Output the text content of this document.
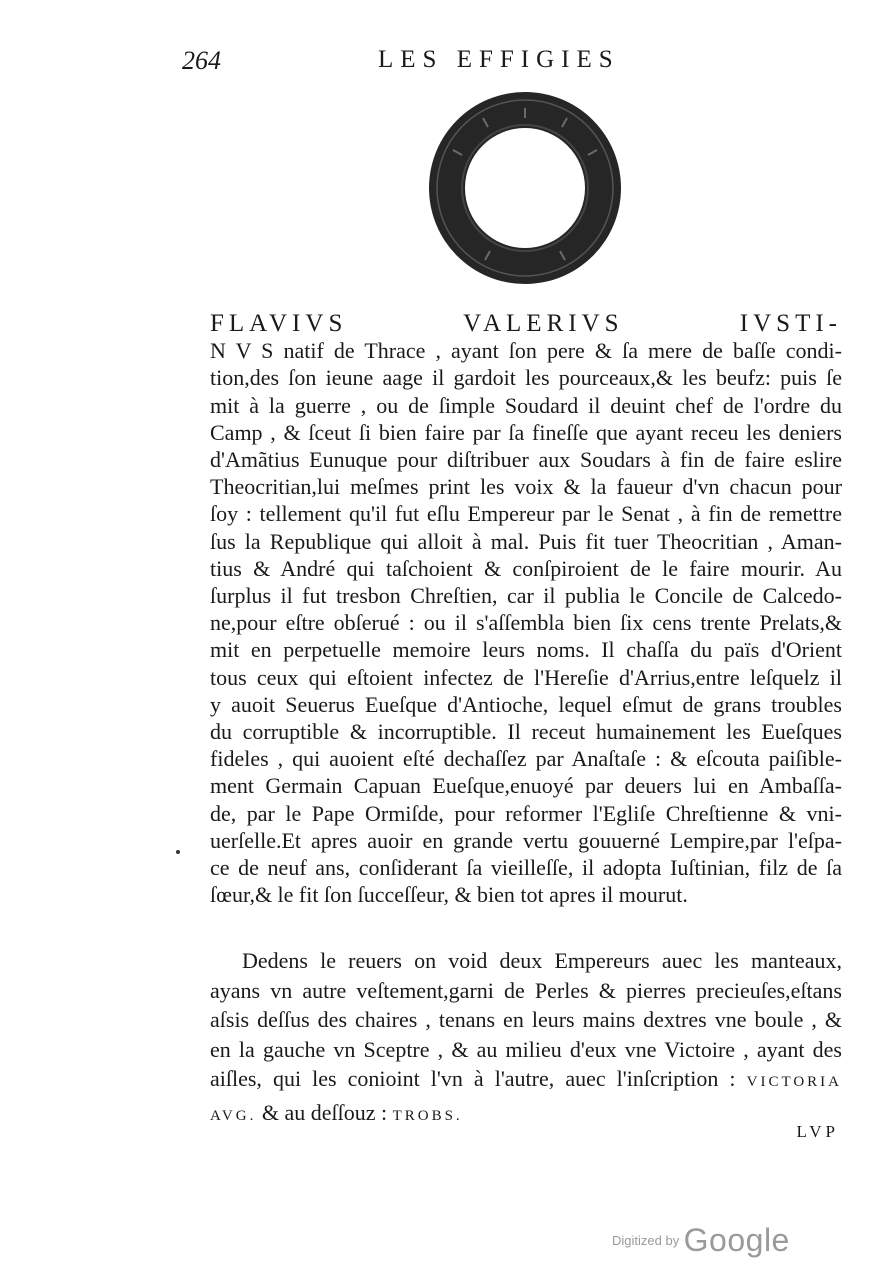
264	LES EFFIGIES
FLAVIVS VALERIVS IVSTI-
N V S natif de Thrace , ayant ſon pere & ſa mere de baſſe condi-
tion,des ſon ieune aage il gardoit les pourceaux,& les beufz: puis ſe
mit à la guerre , ou de ſimple Soudard il deuint chef de l'ordre du
Camp , & ſceut ſi bien faire par ſa fineſſe que ayant receu les deniers
d'Amãtius Eunuque pour diſtribuer aux Soudars à fin de faire eslire
Theocritian,lui meſmes print les voix & la faueur d'vn chacun pour
ſoy : tellement qu'il fut eſlu Empereur par le Senat , à fin de remettre
ſus la Republique qui alloit à mal. Puis fit tuer Theocritian , Aman-
tius & André qui taſchoient & conſpiroient de le faire mourir. Au
ſurplus il fut tresbon Chreſtien, car il publia le Concile de Calcedo-
ne,pour eſtre obſerué : ou il s'aſſembla bien ſix cens trente Prelats,&
mit en perpetuelle memoire leurs noms. Il chaſſa du païs d'Orient
tous ceux qui eſtoient infectez de l'Hereſie d'Arrius,entre leſquelz il
y auoit Seuerus Eueſque d'Antioche, lequel eſmut de grans troubles
du corruptible & incorruptible. Il receut humainement les Eueſques
fideles , qui auoient eſté dechaſſez par Anaſtaſe : & eſcouta paiſible-
ment Germain Capuan Eueſque,enuoyé par deuers lui en Ambaſſa-
de, par le Pape Ormiſde, pour reformer l'Egliſe Chreſtienne & vni-
uerſelle.Et apres auoir en grande vertu gouuerné Lempire,par l'eſpa-
ce de neuf ans, conſiderant ſa vieilleſſe, il adopta Iuſtinian, filz de ſa
ſœur,& le fit ſon ſucceſſeur, & bien tot apres il mourut.
Dedens le reuers on void deux Empereurs auec les manteaux,
ayans vn autre veſtement,garni de Perles & pierres precieuſes,eſtans
aſsis deſſus des chaires , tenans en leurs mains dextres vne boule , &
en la gauche vn Sceptre , & au milieu d'eux vne Victoire , ayant des
aiſles, qui les conioint l'vn à l'autre, auec l'inſcription : VICTORIA
AVG. & au deſſouz : TROBS.
LVP
Digitized by Google
